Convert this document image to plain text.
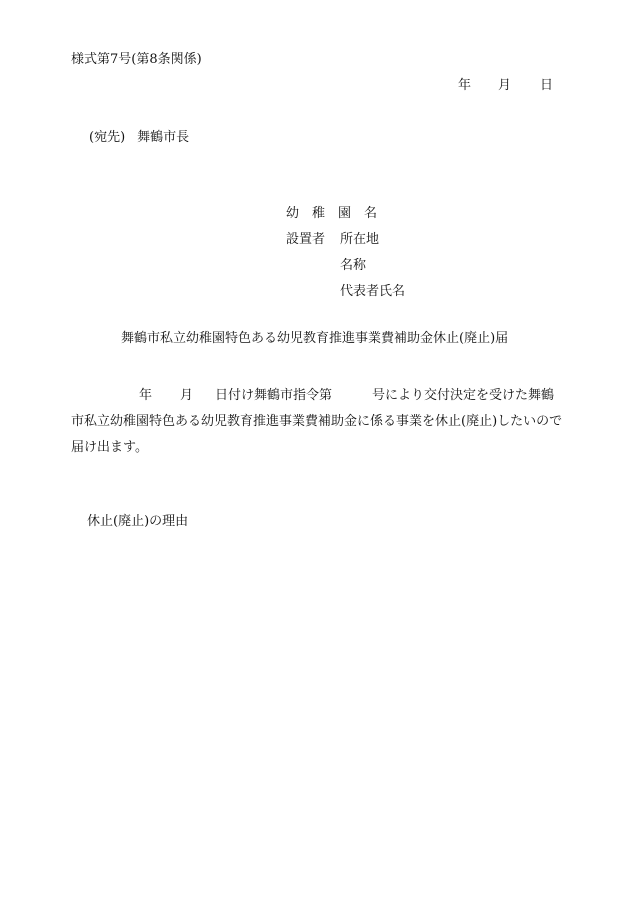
様式第7号(第8条関係)
年 月 日
(宛先) 舞鶴市長
幼　稚　園　名
設置者 所在地
名称
代表者氏名
舞鶴市私立幼稚園特色ある幼児教育推進事業費補助金休止(廃止)届
年 月 日付け舞鶴市指令第	号により交付決定を受けた舞鶴市私立幼稚園特色ある幼児教育推進事業費補助金に係る事業を休止(廃止)したいので届け出ます。
休止(廃止)の理由
